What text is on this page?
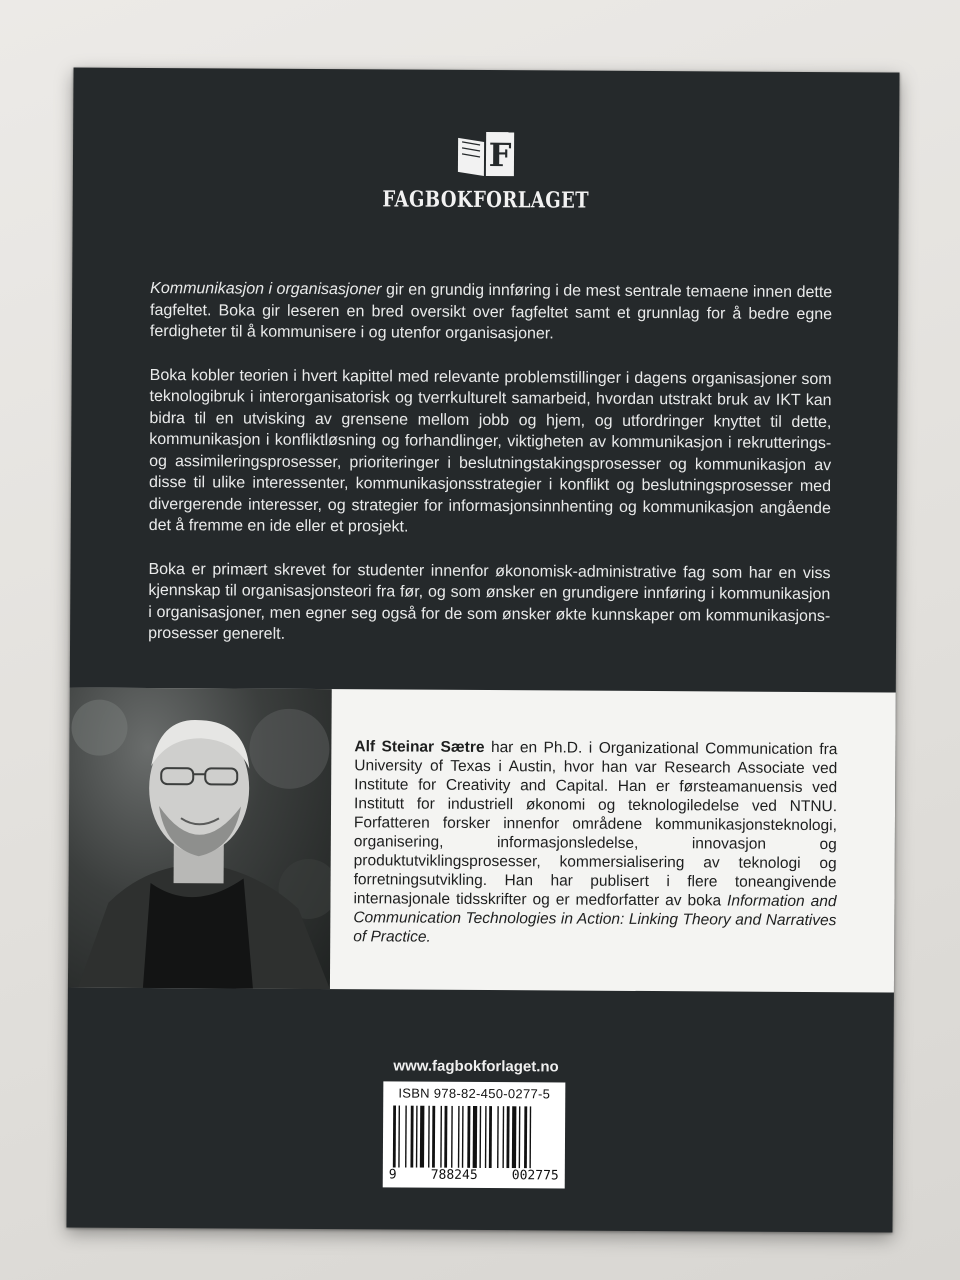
F
FAGBOKFORLAGET

Kommunikasjon i organisasjoner gir en grundig innføring i de mest sentrale temaene innen dette fagfeltet. Boka gir leseren en bred oversikt over fagfeltet samt et grunnlag for å bedre egne ferdigheter til å kommunisere i og utenfor organisasjoner.

Boka kobler teorien i hvert kapittel med relevante problemstillinger i dagens organisasjoner som teknologibruk i interorganisatorisk og tverrkulturelt samarbeid, hvordan utstrakt bruk av IKT kan bidra til en utvisking av grensene mellom jobb og hjem, og utfordringer knyttet til dette, kommunikasjon i konfliktløsning og forhandlinger, viktigheten av kommunikasjon i rekrutterings- og assimileringsprosesser, prioriteringer i beslutningstakingsprosesser og kommunikasjon av disse til ulike interessenter, kommunikasjonsstrategier i konflikt og beslutningsprosesser med divergerende interesser, og strategier for informasjonsinnhenting og kommunikasjon angående det å fremme en ide eller et prosjekt.

Boka er primært skrevet for studenter innenfor økonomisk-administrative fag som har en viss kjennskap til organisasjonsteori fra før, og som ønsker en grundigere innføring i kommunikasjon i organisasjoner, men egner seg også for de som ønsker økte kunnskaper om kommunikasjons-prosesser generelt.

Alf Steinar Sætre har en Ph.D. i Organizational Communication fra University of Texas i Austin, hvor han var Research Associate ved Institute for Creativity and Capital. Han er førsteamanuensis ved Institutt for industriell økonomi og teknologiledelse ved NTNU. Forfatteren forsker innenfor områdene kommunikasjonsteknologi, organisering, informasjonsledelse, innovasjon og produktutviklingsprosesser, kommersialisering av teknologi og forretningsutvikling. Han har publisert i flere toneangivende internasjonale tidsskrifter og er medforfatter av boka Information and Communication Technologies in Action: Linking Theory and Narratives of Practice.
www.fagbokforlaget.no
ISBN 978-82-450-0277-5
9	788245	002775
